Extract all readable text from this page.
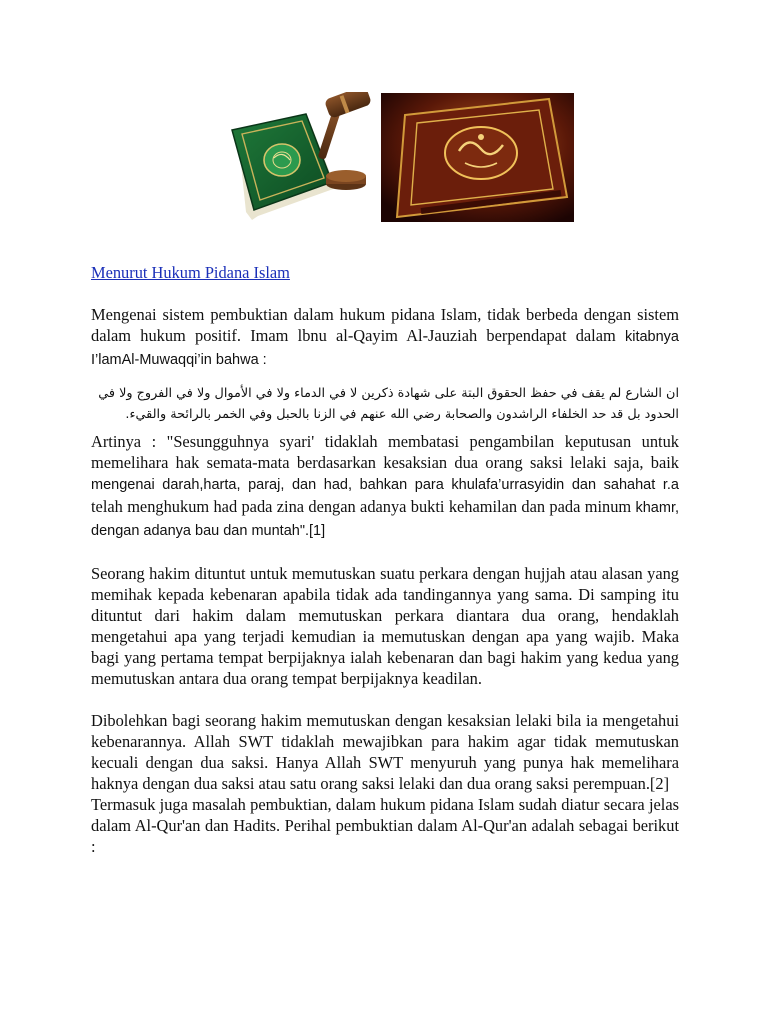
Menurut Hukum Pidana Islam

Mengenai sistem pembuktian dalam hukum pidana Islam, tidak berbeda dengan sistem dalam hukum positif. Imam lbnu al-Qayim Al-Jauziah berpendapat dalam kitabnya I’lamAl-Muwaqqi’in bahwa :

ان الشارع لم يقف في حفظ الحقوق البتة على شهادة ذكرين لا في الدماء ولا في الأموال ولا في الفروج ولا في الحدود بل قد حد الخلفاء الراشدون والصحابة رضي الله عنهم في الزنا بالحبل وفي الخمر بالرائحة والقيء.

Artinya : "Sesungguhnya syari' tidaklah membatasi pengambilan keputusan untuk memelihara hak semata-mata berdasarkan kesaksian dua orang saksi lelaki saja, baik mengenai darah,harta, paraj, dan had, bahkan para khulafa’urrasyidin dan sahahat r.a telah menghukum had pada zina dengan adanya bukti kehamilan dan pada minum khamr, dengan adanya bau dan muntah".[1]

Seorang hakim dituntut untuk memutuskan suatu perkara dengan hujjah atau alasan yang memihak kepada kebenaran apabila tidak ada tandingannya yang sama. Di samping itu dituntut dari hakim dalam memutuskan perkara diantara dua orang, hendaklah mengetahui apa yang terjadi kemudian ia memutuskan dengan apa yang wajib. Maka bagi yang pertama tempat berpijaknya ialah kebenaran dan bagi hakim yang kedua yang memutuskan antara dua orang tempat berpijaknya keadilan.

Dibolehkan bagi seorang hakim memutuskan dengan kesaksian lelaki bila ia mengetahui kebenarannya. Allah SWT tidaklah mewajibkan para hakim agar tidak memutuskan kecuali dengan dua saksi. Hanya Allah SWT menyuruh yang punya hak memelihara haknya dengan dua saksi atau satu orang saksi lelaki dan dua orang saksi perempuan.[2]

Termasuk juga masalah pembuktian, dalam hukum pidana Islam sudah diatur secara jelas dalam Al-Qur'an dan Hadits. Perihal pembuktian dalam Al-Qur'an adalah sebagai berikut :
